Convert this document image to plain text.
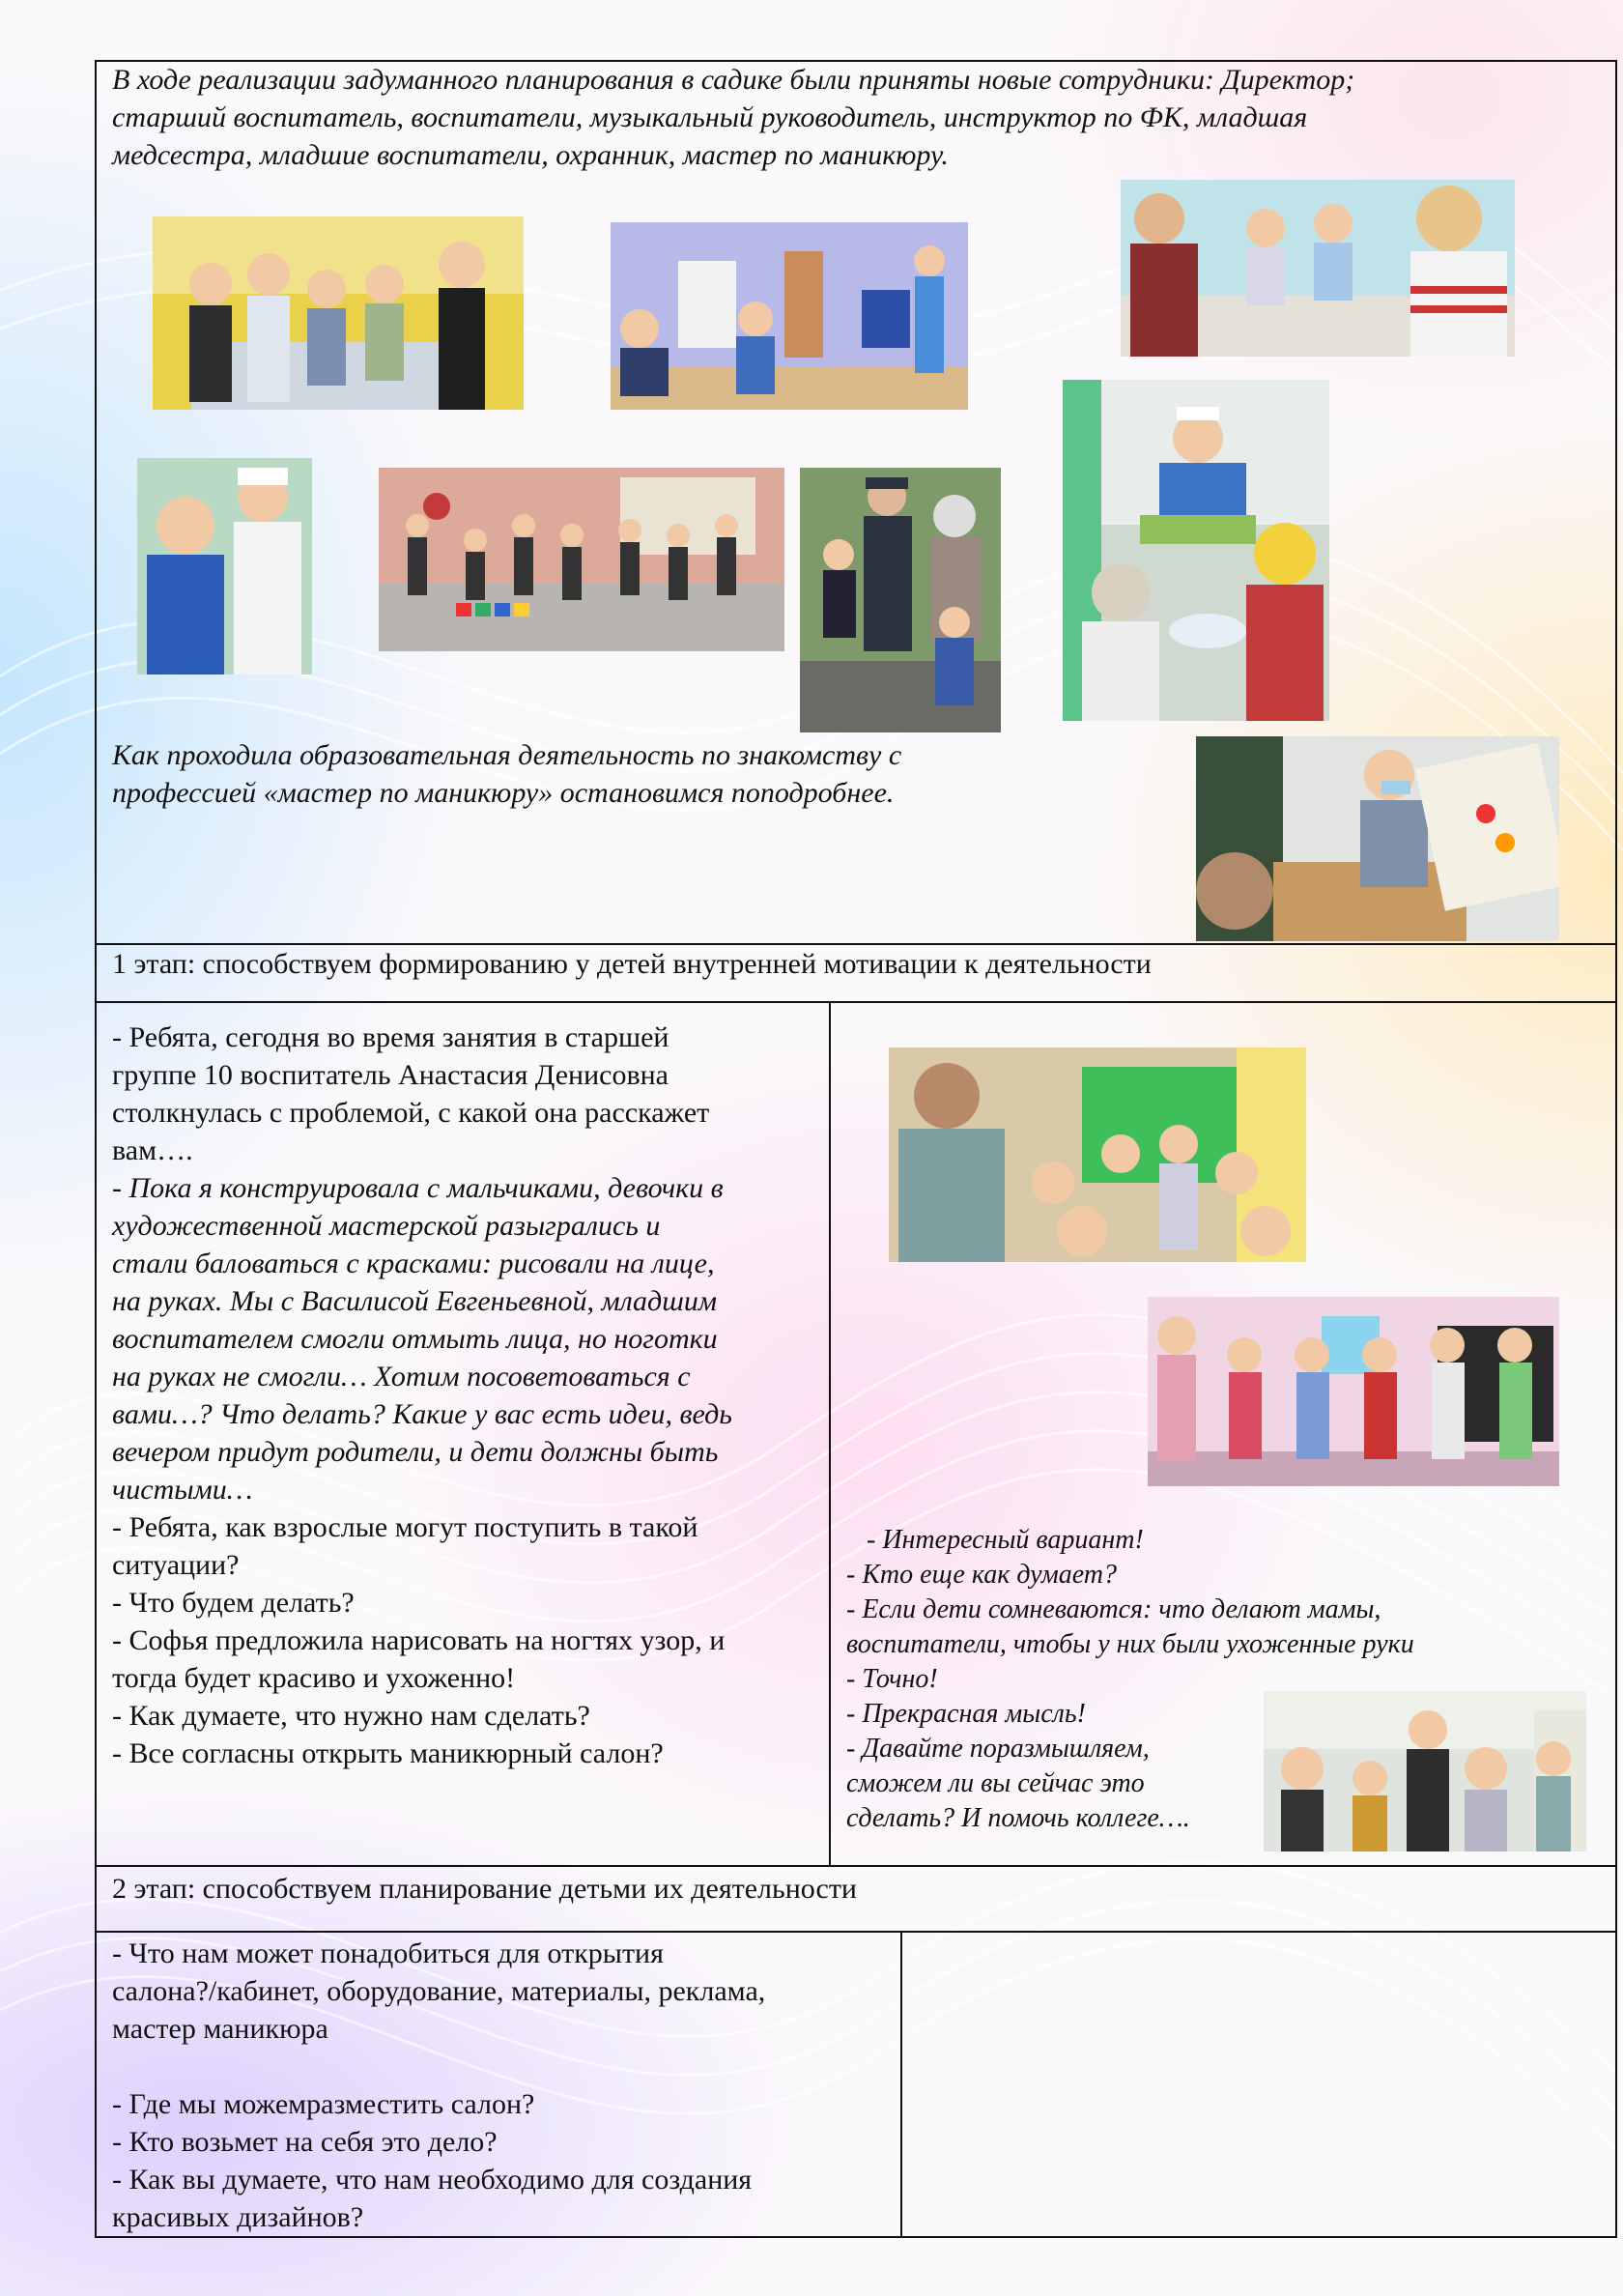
В ходе реализации задуманного планирования в садике были приняты новые сотрудники: Директор;
старший воспитатель, воспитатели, музыкальный руководитель, инструктор по ФК, младшая
медсестра, младшие воспитатели, охранник, мастер по маникюру.
Как проходила образовательная деятельность по знакомству с
профессией «мастер по маникюру» остановимся поподробнее.
1 этап: способствуем формированию у детей внутренней мотивации к деятельности
- Ребята, сегодня во время занятия в старшей
группе 10 воспитатель Анастасия Денисовна
столкнулась с проблемой, с какой она расскажет
вам….
- Пока я конструировала с мальчиками, девочки в
художественной мастерской разыгрались и
стали баловаться с красками: рисовали на лице,
на руках. Мы с Василисой Евгеньевной, младшим
воспитателем смогли отмыть лица, но ноготки
на руках не смогли… Хотим посоветоваться с
вами…? Что делать? Какие у вас есть идеи, ведь
вечером придут родители, и дети должны быть
чистыми…
- Ребята, как взрослые могут поступить в такой
ситуации?
- Что будем делать?
- Софья предложила нарисовать на ногтях узор, и
тогда будет красиво и ухоженно!
- Как думаете, что нужно нам сделать?
- Все согласны открыть маникюрный салон?
- Интересный вариант!
- Кто еще как думает?
- Если дети сомневаются: что делают мамы,
воспитатели, чтобы у них были ухоженные руки
- Точно!
- Прекрасная мысль!
- Давайте поразмышляем,
сможем ли вы сейчас это
сделать? И помочь коллеге….
2 этап: способствуем планирование детьми их деятельности
- Что нам может понадобиться для открытия
салона?/кабинет, оборудование, материалы, реклама,
мастер маникюра
- Где мы можемразместить салон?
- Кто возьмет на себя это дело?
- Как вы думаете, что нам необходимо для создания
красивых дизайнов?
